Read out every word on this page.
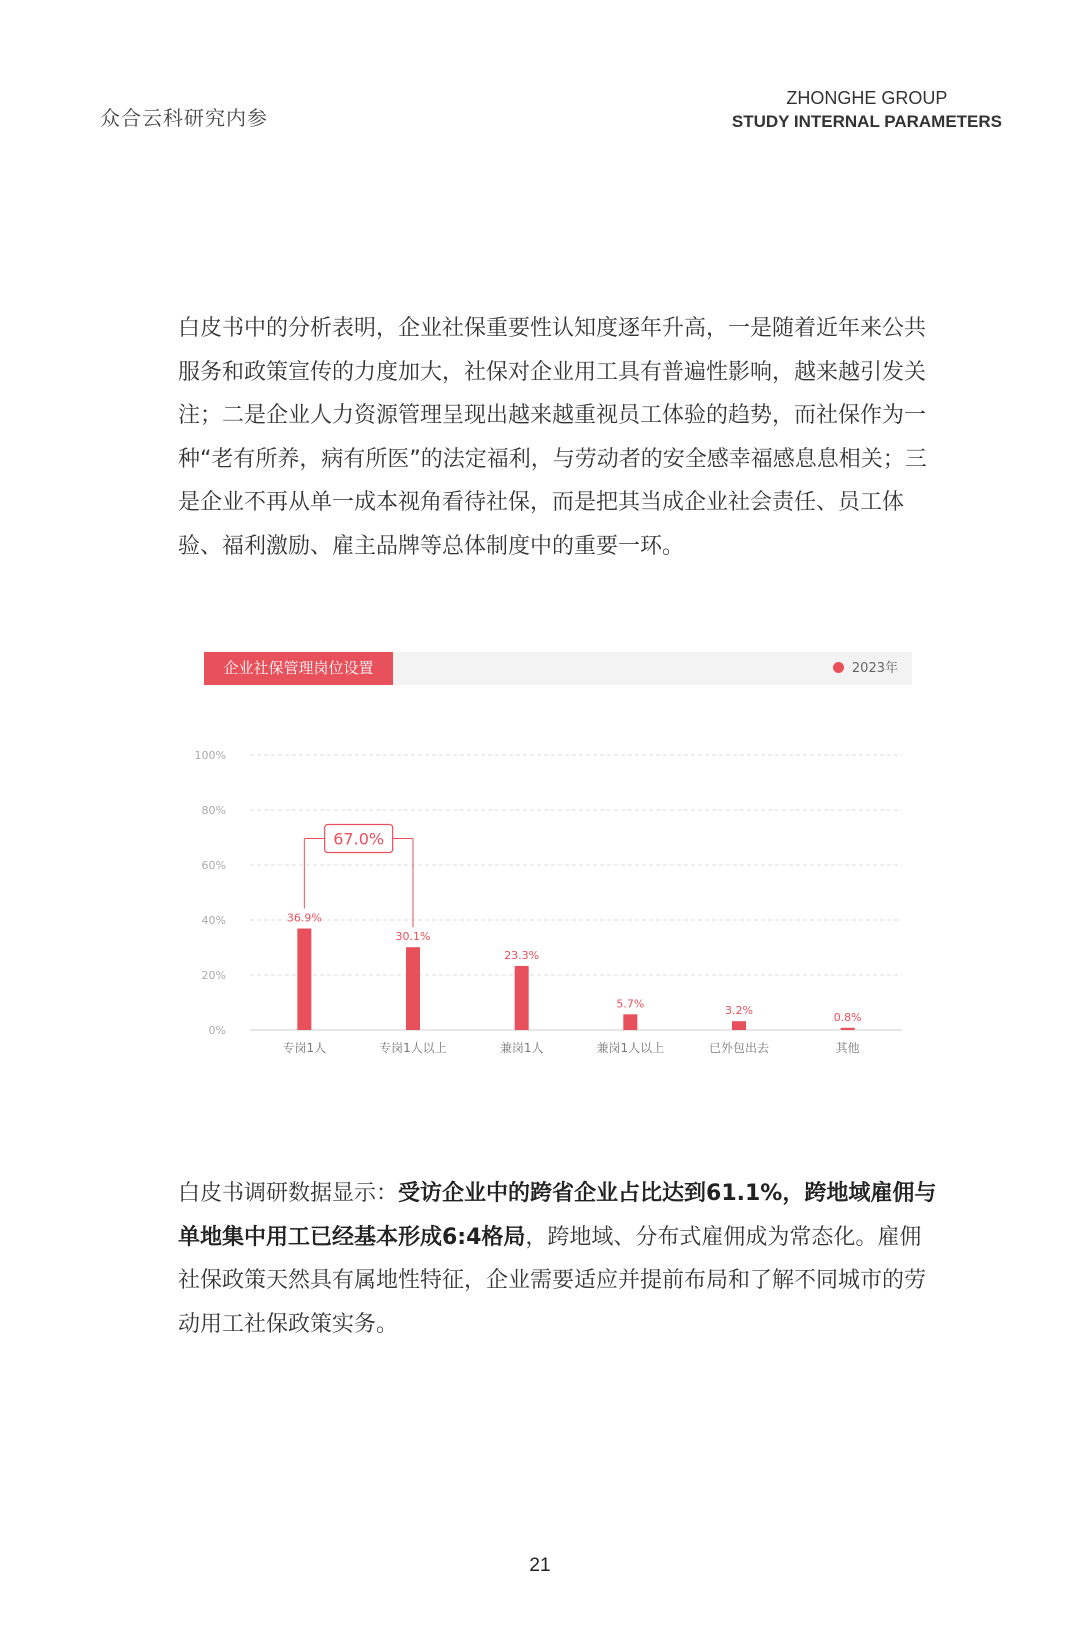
众合云科研究内参
ZHONGHE GROUP
STUDY INTERNAL PARAMETERS
白皮书中的分析表明，企业社保重要性认知度逐年升高，一是随着近年来公共服务和政策宣传的力度加大，社保对企业用工具有普遍性影响，越来越引发关注；二是企业人力资源管理呈现出越来越重视员工体验的趋势，而社保作为一种“老有所养，病有所医”的法定福利，与劳动者的安全感幸福感息息相关；三是企业不再从单一成本视角看待社保，而是把其当成企业社会责任、员工体验、福利激励、雇主品牌等总体制度中的重要一环。
企业社保管理岗位设置	2023年
0%
20%
40%
60%
80%
100%
36.9%
专岗1人
30.1%
专岗1人以上
23.3%
兼岗1人
5.7%
兼岗1人以上
3.2%
已外包出去
0.8%
其他
67.0%
白皮书调研数据显示：受访企业中的跨省企业占比达到61.1%，跨地域雇佣与单地集中用工已经基本形成6:4格局，跨地域、分布式雇佣成为常态化。雇佣社保政策天然具有属地性特征，企业需要适应并提前布局和了解不同城市的劳动用工社保政策实务。
21
